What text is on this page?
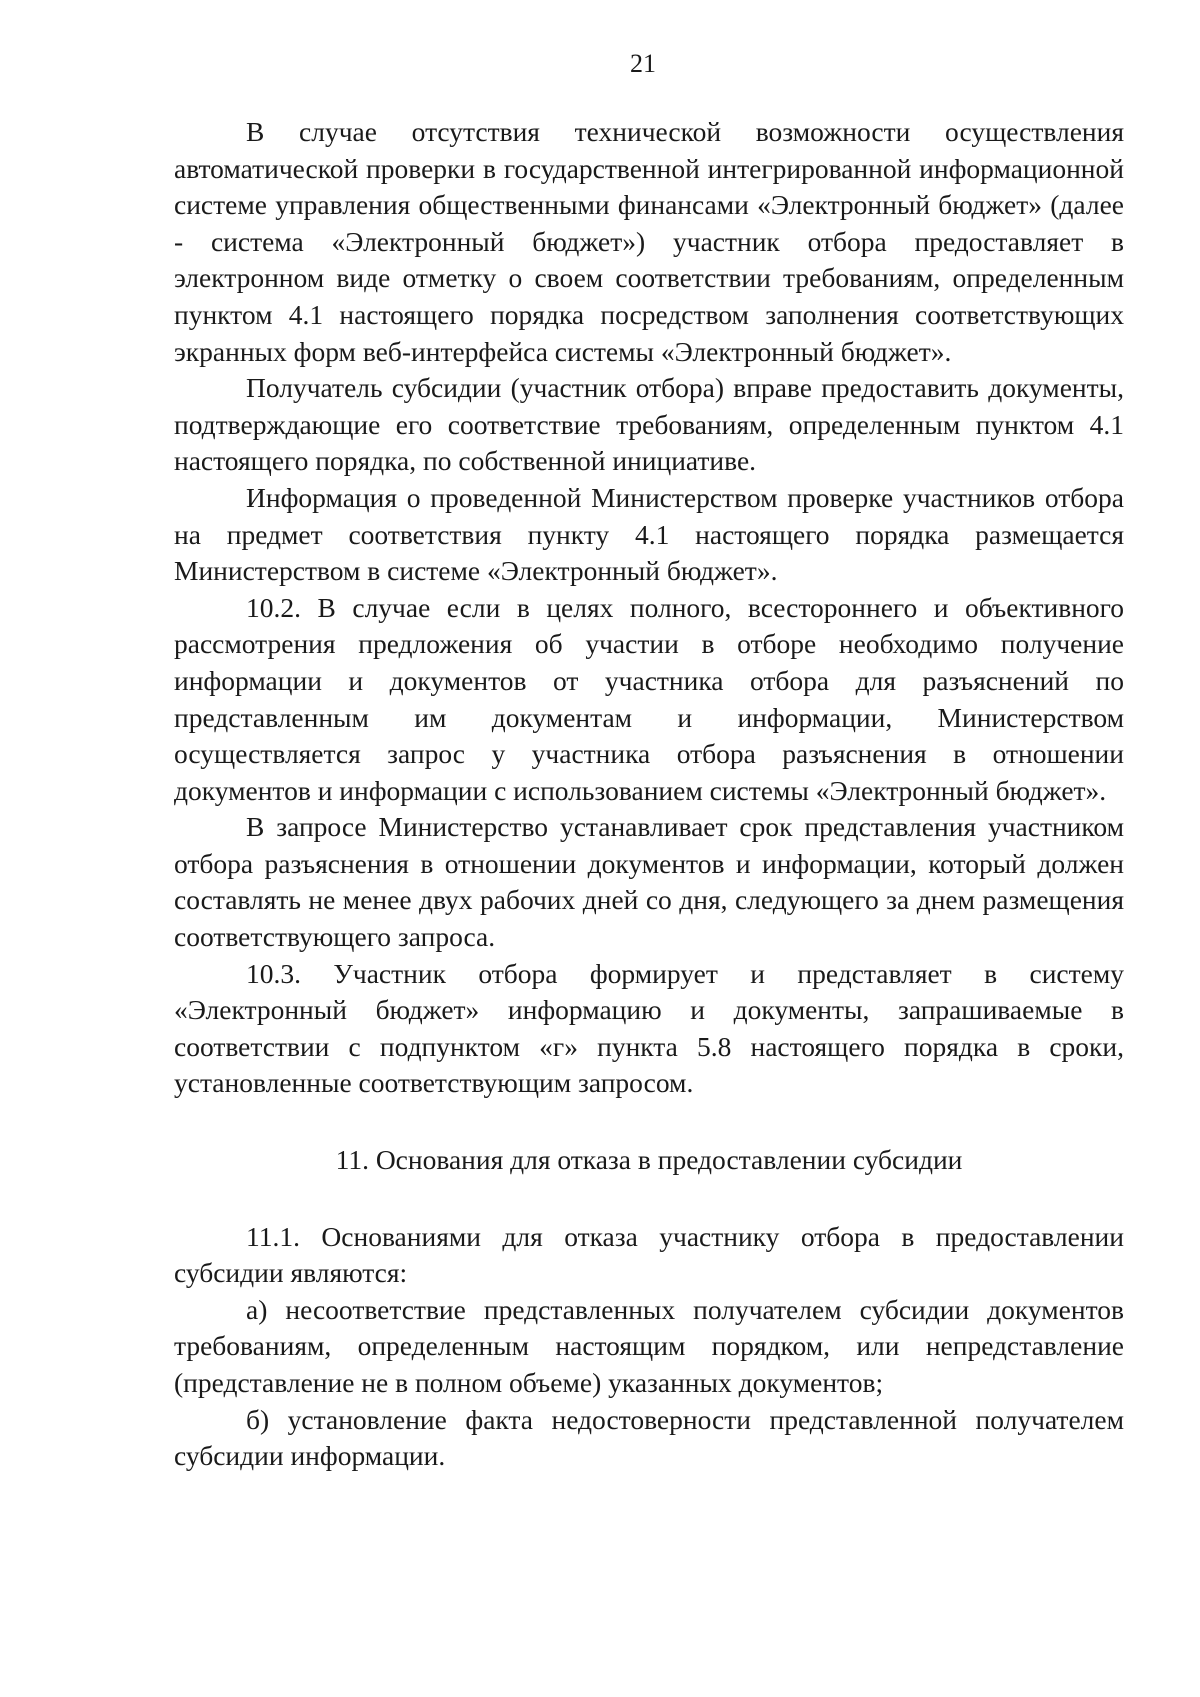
21

В случае отсутствия технической возможности осуществления автоматической проверки в государственной интегрированной информационной системе управления общественными финансами «Электронный бюджет» (далее - система «Электронный бюджет») участник отбора предоставляет в электронном виде отметку о своем соответствии требованиям, определенным пунктом 4.1 настоящего порядка посредством заполнения соответствующих экранных форм веб-интерфейса системы «Электронный бюджет».

Получатель субсидии (участник отбора) вправе предоставить документы, подтверждающие его соответствие требованиям, определенным пунктом 4.1 настоящего порядка, по собственной инициативе.

Информация о проведенной Министерством проверке участников отбора на предмет соответствия пункту 4.1 настоящего порядка размещается Министерством в системе «Электронный бюджет».

10.2. В случае если в целях полного, всестороннего и объективного рассмотрения предложения об участии в отборе необходимо получение информации и документов от участника отбора для разъяснений по представленным им документам и информации, Министерством осуществляется запрос у участника отбора разъяснения в отношении документов и информации с использованием системы «Электронный бюджет».

В запросе Министерство устанавливает срок представления участником отбора разъяснения в отношении документов и информации, который должен составлять не менее двух рабочих дней со дня, следующего за днем размещения соответствующего запроса.

10.3. Участник отбора формирует и представляет в систему «Электронный бюджет» информацию и документы, запрашиваемые в соответствии с подпунктом «г» пункта 5.8 настоящего порядка в сроки, установленные соответствующим запросом.

11. Основания для отказа в предоставлении субсидии

11.1. Основаниями для отказа участнику отбора в предоставлении субсидии являются:

а) несоответствие представленных получателем субсидии документов требованиям, определенным настоящим порядком, или непредставление (представление не в полном объеме) указанных документов;

б) установление факта недостоверности представленной получателем субсидии информации.
